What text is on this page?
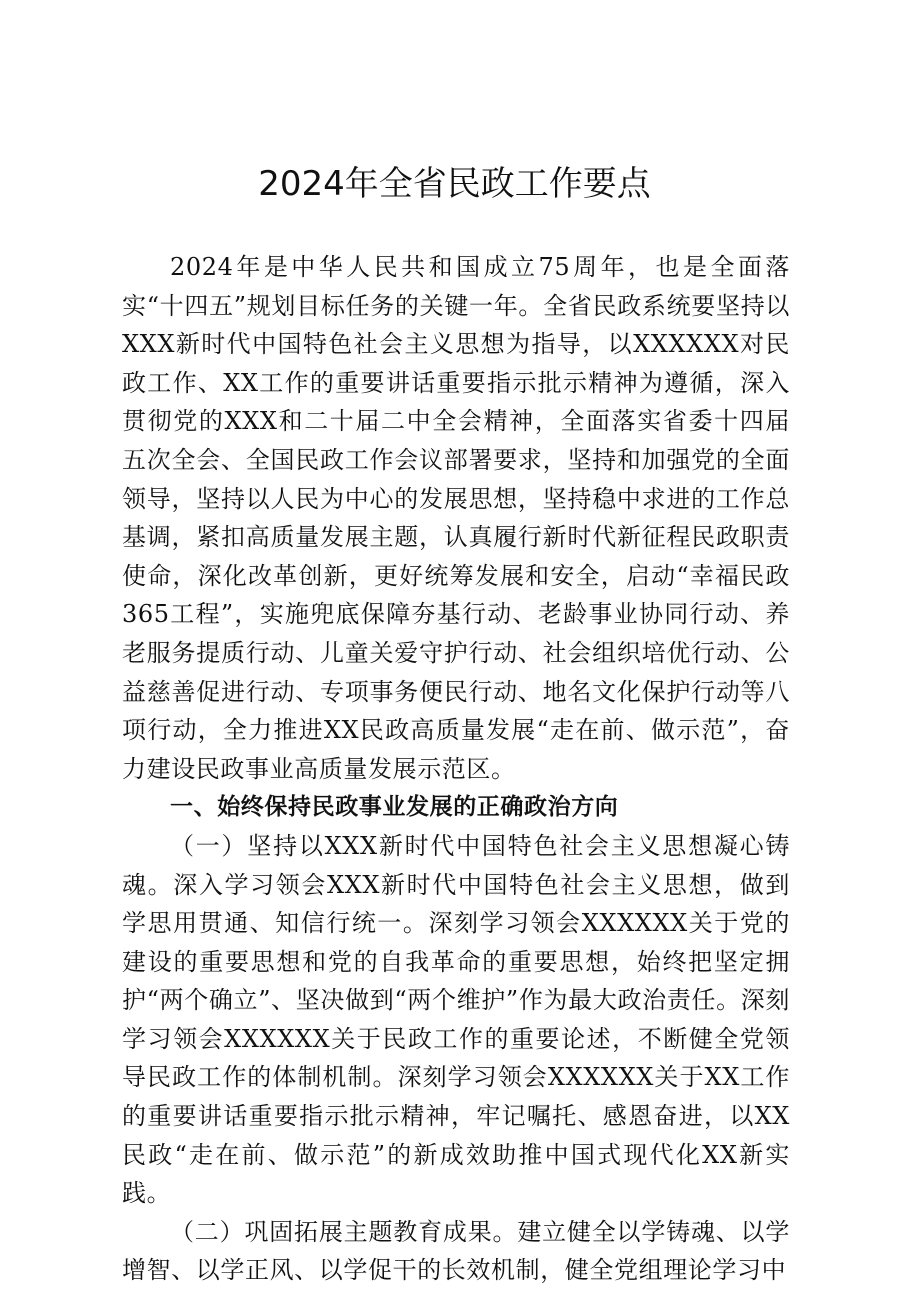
2024年全省民政工作要点

2024年是中华人民共和国成立75周年，也是全面落实“十四五”规划目标任务的关键一年。全省民政系统要坚持以XXX新时代中国特色社会主义思想为指导，以XXXXXX对民政工作、XX工作的重要讲话重要指示批示精神为遵循，深入贯彻党的XXX和二十届二中全会精神，全面落实省委十四届五次全会、全国民政工作会议部署要求，坚持和加强党的全面领导，坚持以人民为中心的发展思想，坚持稳中求进的工作总基调，紧扣高质量发展主题，认真履行新时代新征程民政职责使命，深化改革创新，更好统筹发展和安全，启动“幸福民政365工程”，实施兜底保障夯基行动、老龄事业协同行动、养老服务提质行动、儿童关爱守护行动、社会组织培优行动、公益慈善促进行动、专项事务便民行动、地名文化保护行动等八项行动，全力推进XX民政高质量发展“走在前、做示范”，奋力建设民政事业高质量发展示范区。

一、始终保持民政事业发展的正确政治方向

（一）坚持以XXX新时代中国特色社会主义思想凝心铸魂。深入学习领会XXX新时代中国特色社会主义思想，做到学思用贯通、知信行统一。深刻学习领会XXXXXX关于党的建设的重要思想和党的自我革命的重要思想，始终把坚定拥护“两个确立”、坚决做到“两个维护”作为最大政治责任。深刻学习领会XXXXXX关于民政工作的重要论述，不断健全党领导民政工作的体制机制。深刻学习领会XXXXXX关于XX工作的重要讲话重要指示批示精神，牢记嘱托、感恩奋进，以XX民政“走在前、做示范”的新成效助推中国式现代化XX新实践。

（二）巩固拓展主题教育成果。建立健全以学铸魂、以学增智、以学正风、以学促干的长效机制，健全党组理论学习中
